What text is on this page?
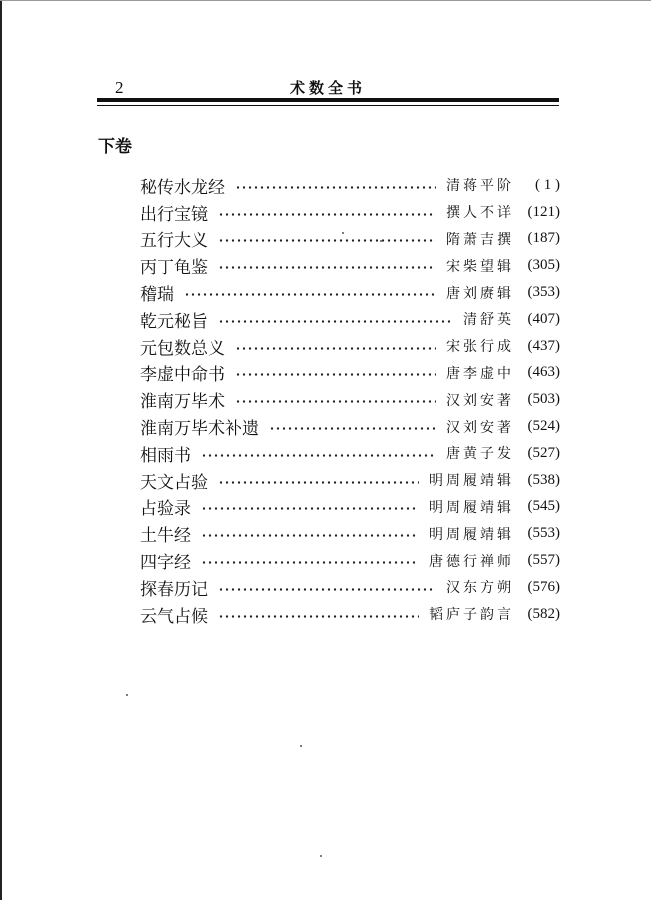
2	术数全书
下卷
秘传水龙经	清蒋平阶	( 1 )
出行宝镜	撰人不详 (121)
五行大义	隋萧吉撰 (187)
丙丁龟鉴	宋柴望辑 (305)
稽瑞	唐刘赓辑 (353)
乾元秘旨	清舒英 (407)
元包数总义	宋张行成 (437)
李虚中命书	唐李虚中 (463)
淮南万毕术	汉刘安著 (503)
淮南万毕术补遗	汉刘安著 (524)
相雨书	唐黄子发 (527)
天文占验	明周履靖辑 (538)
占验录	明周履靖辑 (545)
土牛经	明周履靖辑 (553)
四字经	唐德行禅师 (557)
探春历记	汉东方朔 (576)
云气占候	韬庐子韵言 (582)
